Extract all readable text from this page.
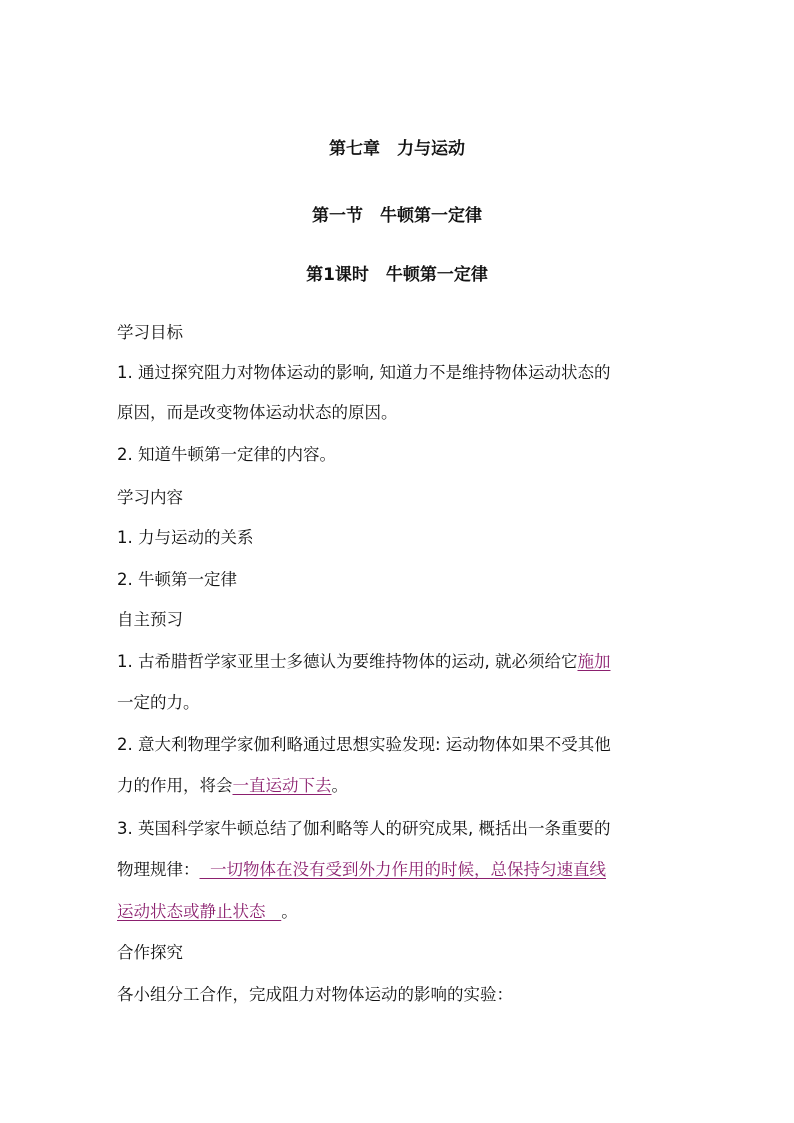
第七章　力与运动
第一节　牛顿第一定律
第1课时　牛顿第一定律
学习目标
1. 通过探究阻力对物体运动的影响, 知道力不是维持物体运动状态的
原因，而是改变物体运动状态的原因。
2. 知道牛顿第一定律的内容。
学习内容
1. 力与运动的关系
2. 牛顿第一定律
自主预习
1. 古希腊哲学家亚里士多德认为要维持物体的运动, 就必须给它施加
一定的力。
2. 意大利物理学家伽利略通过思想实验发现: 运动物体如果不受其他
力的作用，将会一直运动下去。
3. 英国科学家牛顿总结了伽利略等人的研究成果, 概括出一条重要的
物理规律：  一切物体在没有受到外力作用的时候，总保持匀速直线
运动状态或静止状态   。
合作探究
各小组分工合作，完成阻力对物体运动的影响的实验：
